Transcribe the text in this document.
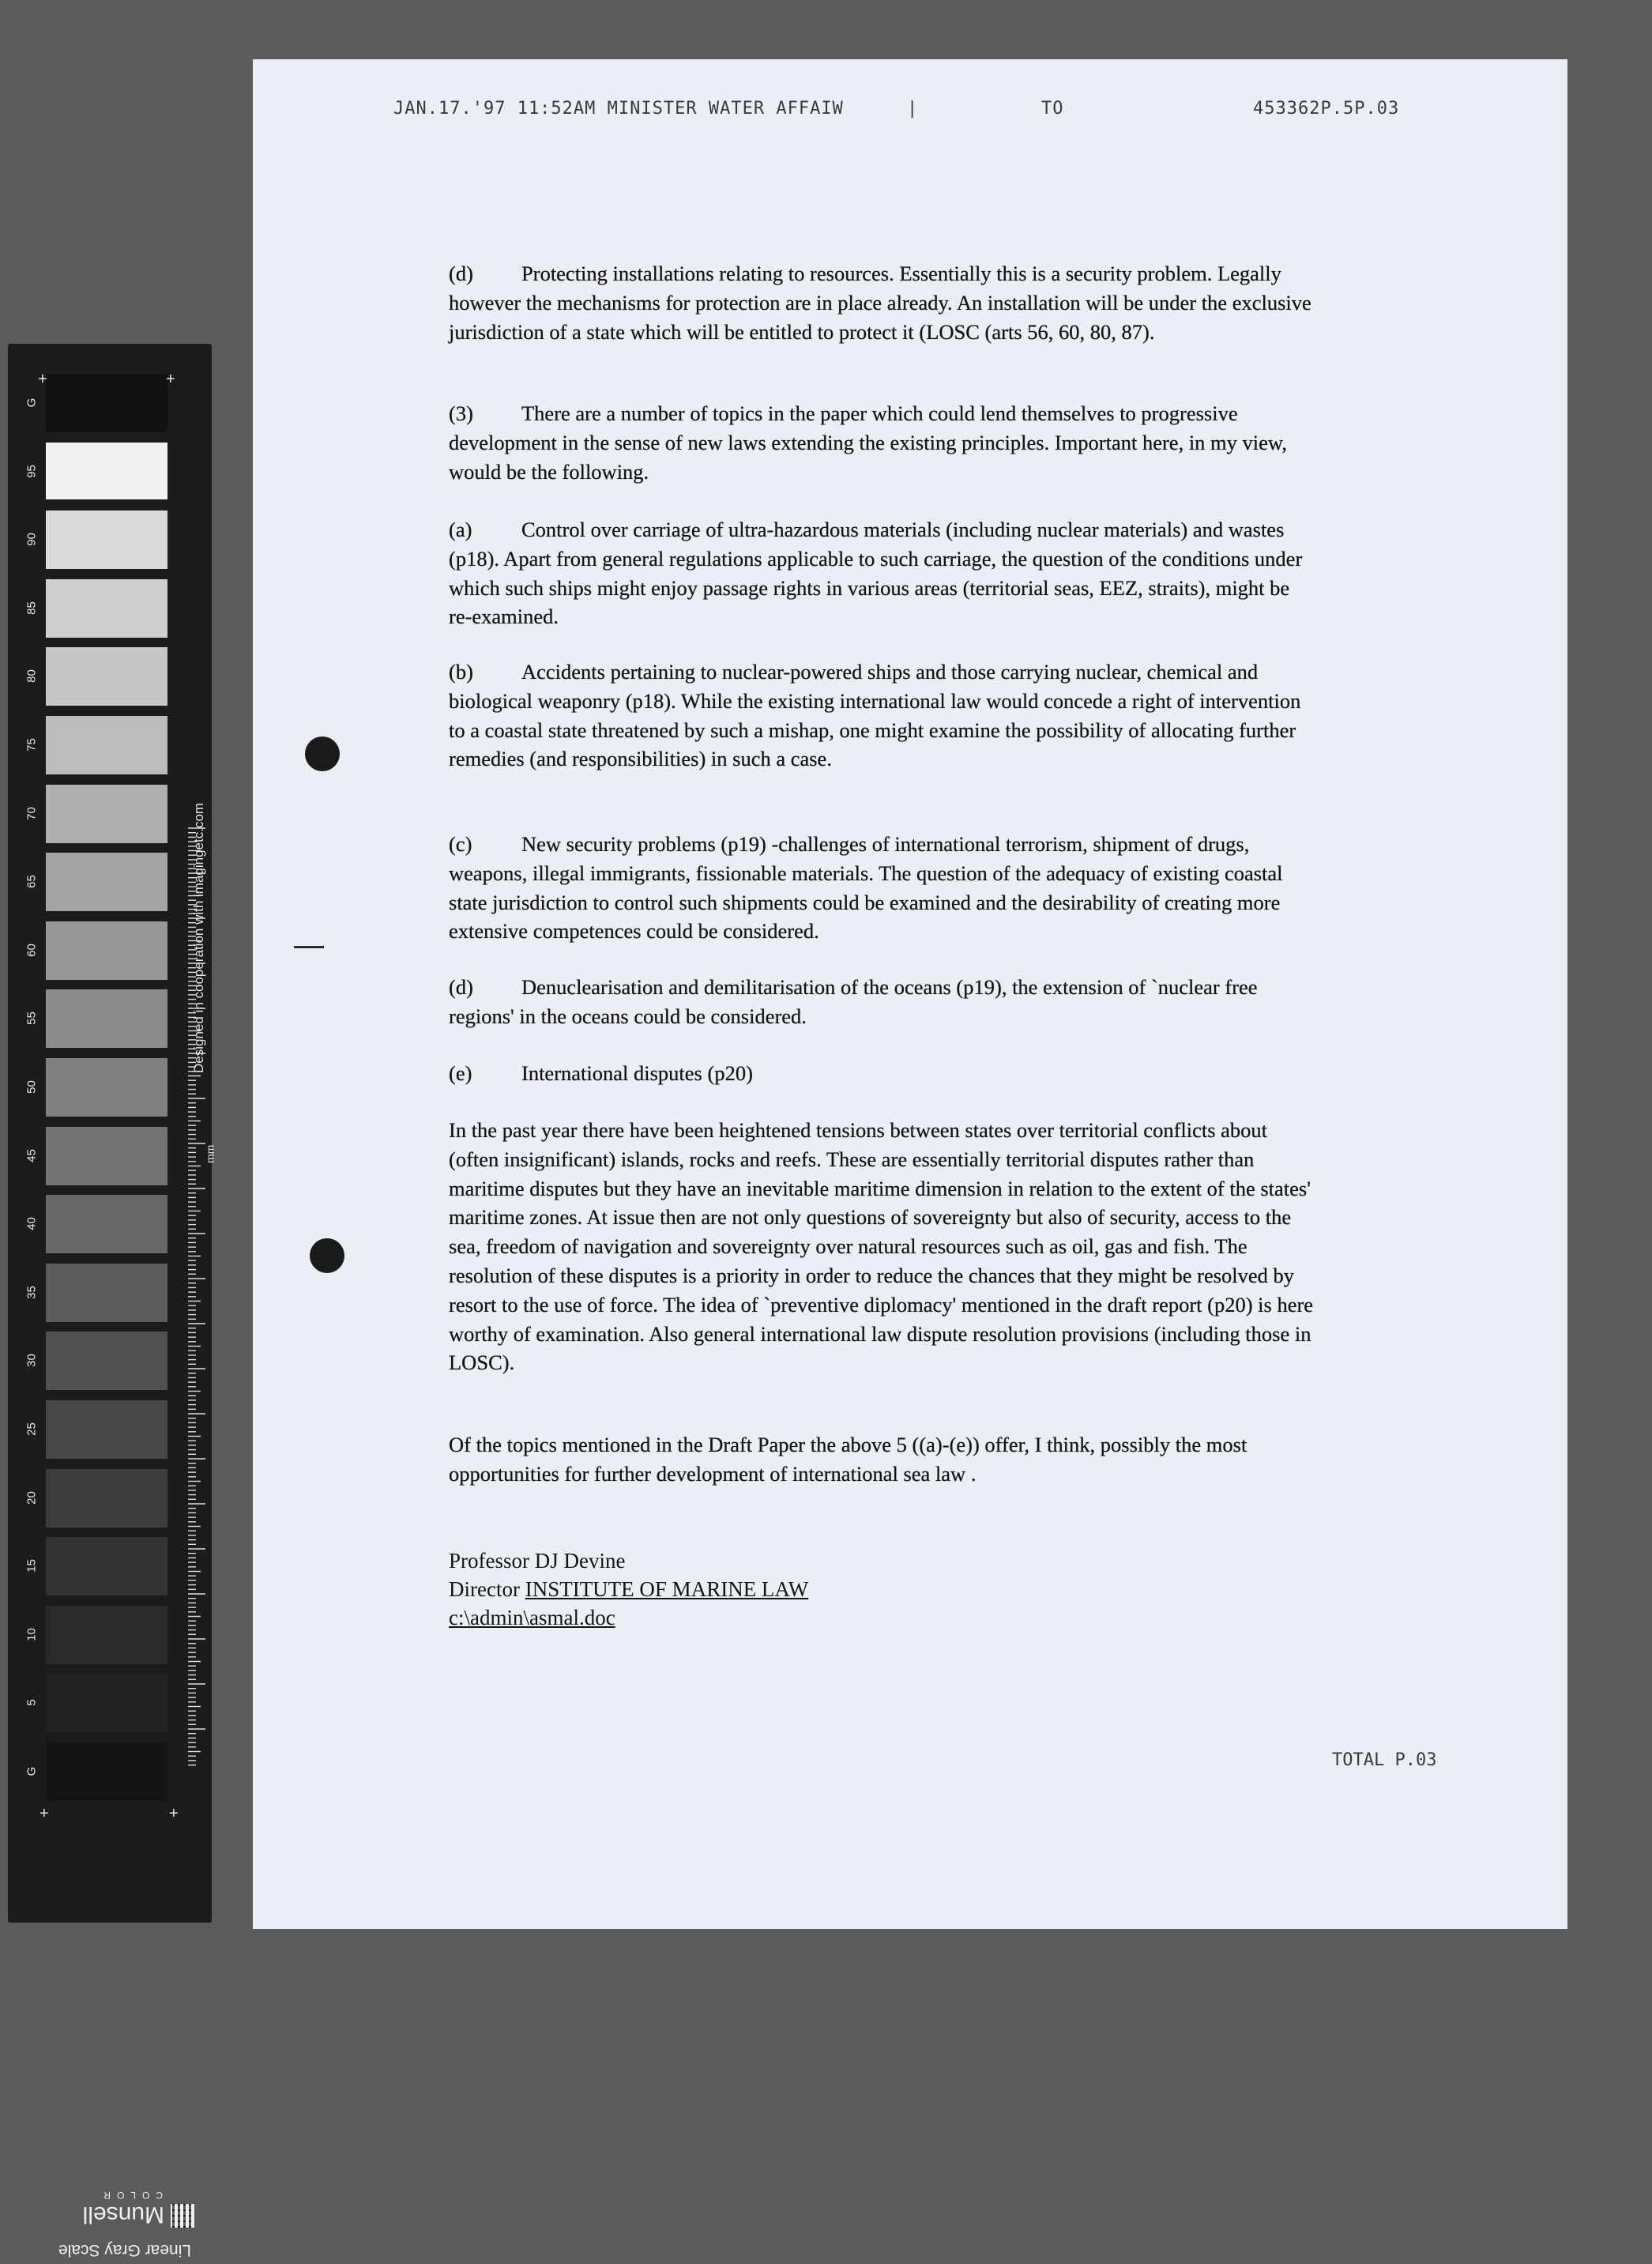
G
95
90
85
80
75
70
65
60
55
50
45
40
35
30
25
20
15
10
5
G
+	+
+	+
Designed in cooperation with imagingetc.com
mm
Linear Gray Scale
Munsell
COLOR
JAN.17.'97 11:52AM MINISTER WATER AFFAIW	|	TO	453362P.5P.03

(d) Protecting installations relating to resources. Essentially this is a security problem. Legally however the mechanisms for protection are in place already. An installation will be under the exclusive jurisdiction of a state which will be entitled to protect it (LOSC (arts 56, 60, 80, 87).

(3) There are a number of topics in the paper which could lend themselves to progressive development in the sense of new laws extending the existing principles. Important here, in my view, would be the following.

(a) Control over carriage of ultra-hazardous materials (including nuclear materials) and wastes (p18). Apart from general regulations applicable to such carriage, the question of the conditions under which such ships might enjoy passage rights in various areas (territorial seas, EEZ, straits), might be re-examined.

(b) Accidents pertaining to nuclear-powered ships and those carrying nuclear, chemical and biological weaponry (p18). While the existing international law would concede a right of intervention to a coastal state threatened by such a mishap, one might examine the possibility of allocating further remedies (and responsibilities) in such a case.

(c) New security problems (p19) -challenges of international terrorism, shipment of drugs, weapons, illegal immigrants, fissionable materials. The question of the adequacy of existing coastal state jurisdiction to control such shipments could be examined and the desirability of creating more extensive competences could be considered.

(d) Denuclearisation and demilitarisation of the oceans (p19), the extension of `nuclear free regions' in the oceans could be considered.

(e) International disputes (p20)

In the past year there have been heightened tensions between states over territorial conflicts about (often insignificant) islands, rocks and reefs. These are essentially territorial disputes rather than maritime disputes but they have an inevitable maritime dimension in relation to the extent of the states' maritime zones. At issue then are not only questions of sovereignty but also of security, access to the sea, freedom of navigation and sovereignty over natural resources such as oil, gas and fish. The resolution of these disputes is a priority in order to reduce the chances that they might be resolved by resort to the use of force. The idea of `preventive diplomacy' mentioned in the draft report (p20) is here worthy of examination. Also general international law dispute resolution provisions (including those in LOSC).

Of the topics mentioned in the Draft Paper the above 5 ((a)-(e)) offer, I think, possibly the most opportunities for further development of international sea law .

Professor DJ Devine
Director INSTITUTE OF MARINE LAW
c:\admin\asmal.doc
TOTAL P.03
